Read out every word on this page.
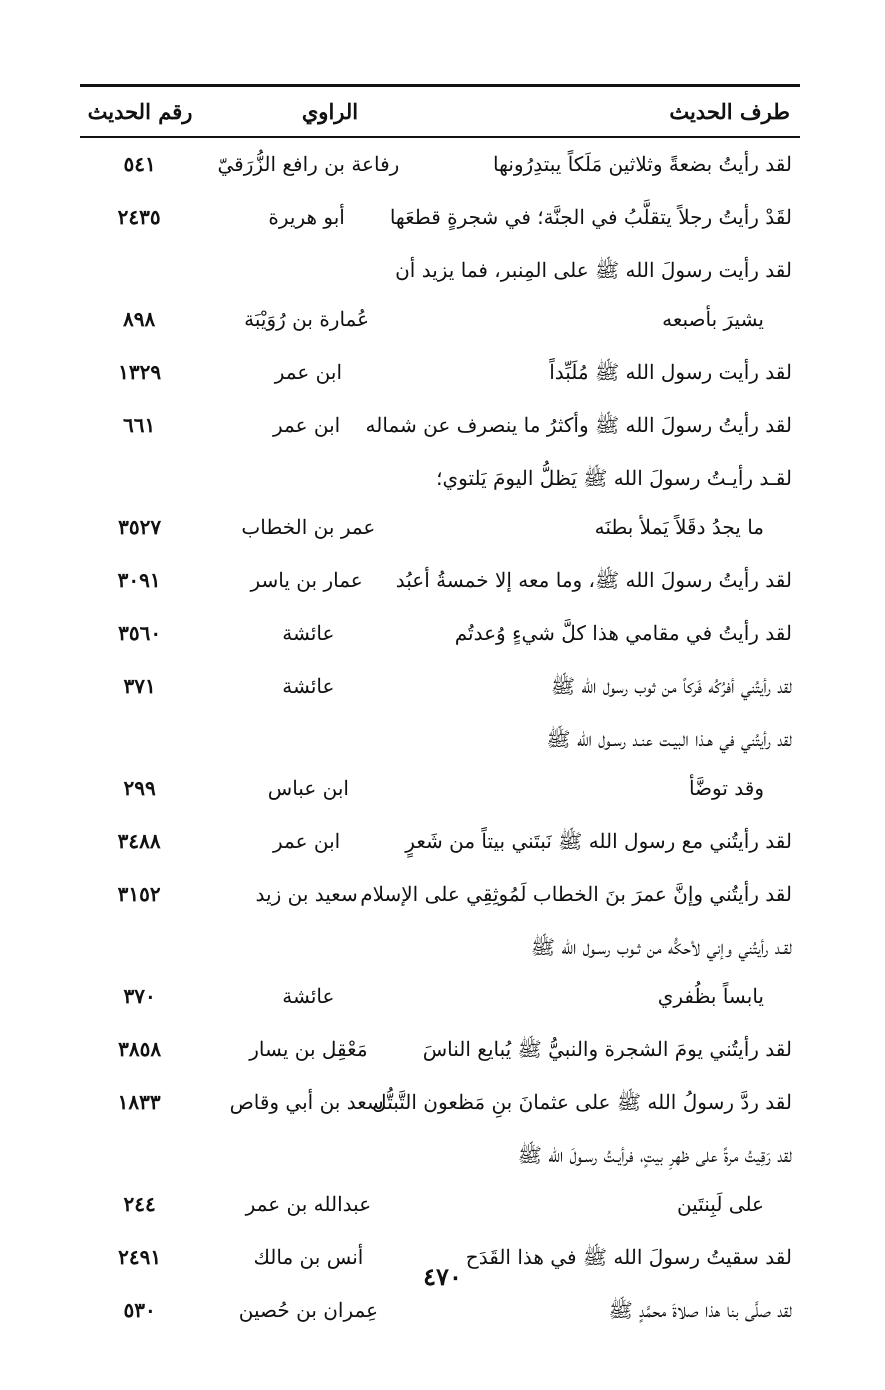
طرف الحديث
الراوي
رقم الحديث
لقد رأيتُ بضعةً وثلاثين مَلَكاً يبتدِرُونها
رفاعة بن رافع الزُّرَقيّ
٥٤١
لقَدْ رأيتُ رجلاً يتقلَّبُ في الجنَّة؛ في شجرةٍ قطعَها
أبو هريرة
٢٤٣٥
لقد رأيت رسولَ الله ﷺ على المِنبر، فما يزيد أن
يشيرَ بأصبعه
عُمارة بن رُوَيْبَة
٨٩٨
لقد رأيت رسول الله ﷺ مُلَبِّداً
ابن عمر
١٣٢٩
لقد رأيتُ رسولَ الله ﷺ وأكثرُ ما ينصرف عن شماله
ابن عمر
٦٦١
لقـد رأيـتُ رسولَ الله ﷺ يَظلُّ اليومَ يَلتوي؛
ما يجدُ دقَلاً يَملأ بطنَه
عمر بن الخطاب
٣٥٢٧
لقد رأيتُ رسولَ الله ﷺ، وما معه إلا خمسةُ أعبُد
عمار بن ياسر
٣٠٩١
لقد رأيتُ في مقامي هذا كلَّ شيءٍ وُعدتُم
عائشة
٣٥٦٠
لقد رأيتُني أفرُكُه فَركاً من ثوب رسول الله ﷺ
عائشة
٣٧١
لقد رأيتُني في هـذا البيـت عنـد رسـول الله ﷺ
وقد توضَّأ
ابن عباس
٢٩٩
لقد رأيتُني مع رسول الله ﷺ نَبتَني بيتاً من شَعرٍ
ابن عمر
٣٤٨٨
لقد رأيتُني وإنَّ عمرَ بنَ الخطاب لَمُوثِقِي على الإسلام
سعيد بن زيد
٣١٥٢
لقـد رأيتُني وإني لأحكُّه من ثـوب رسـول الله ﷺ
يابساً بظُفري
عائشة
٣٧٠
لقد رأيتُني يومَ الشجرة والنبيُّ ﷺ يُبايع الناسَ
مَعْقِل بن يسار
٣٨٥٨
لقد ردَّ رسولُ الله ﷺ على عثمانَ بنِ مَظعون التَّبتُّل
سعد بن أبي وقاص
١٨٣٣
لقد رَقِيتُ مرةً على ظهرِ بيتٍ، فرأيـتُ رسـولَ الله ﷺ
على لَبِنتَين
عبدالله بن عمر
٢٤٤
لقد سقيتُ رسولَ الله ﷺ في هذا القَدَح
أنس بن مالك
٢٤٩١
لقد صلَّى بنا هذا صلاةَ محمَّدٍ ﷺ
عِمران بن حُصين
٥٣٠
٤٧٠
